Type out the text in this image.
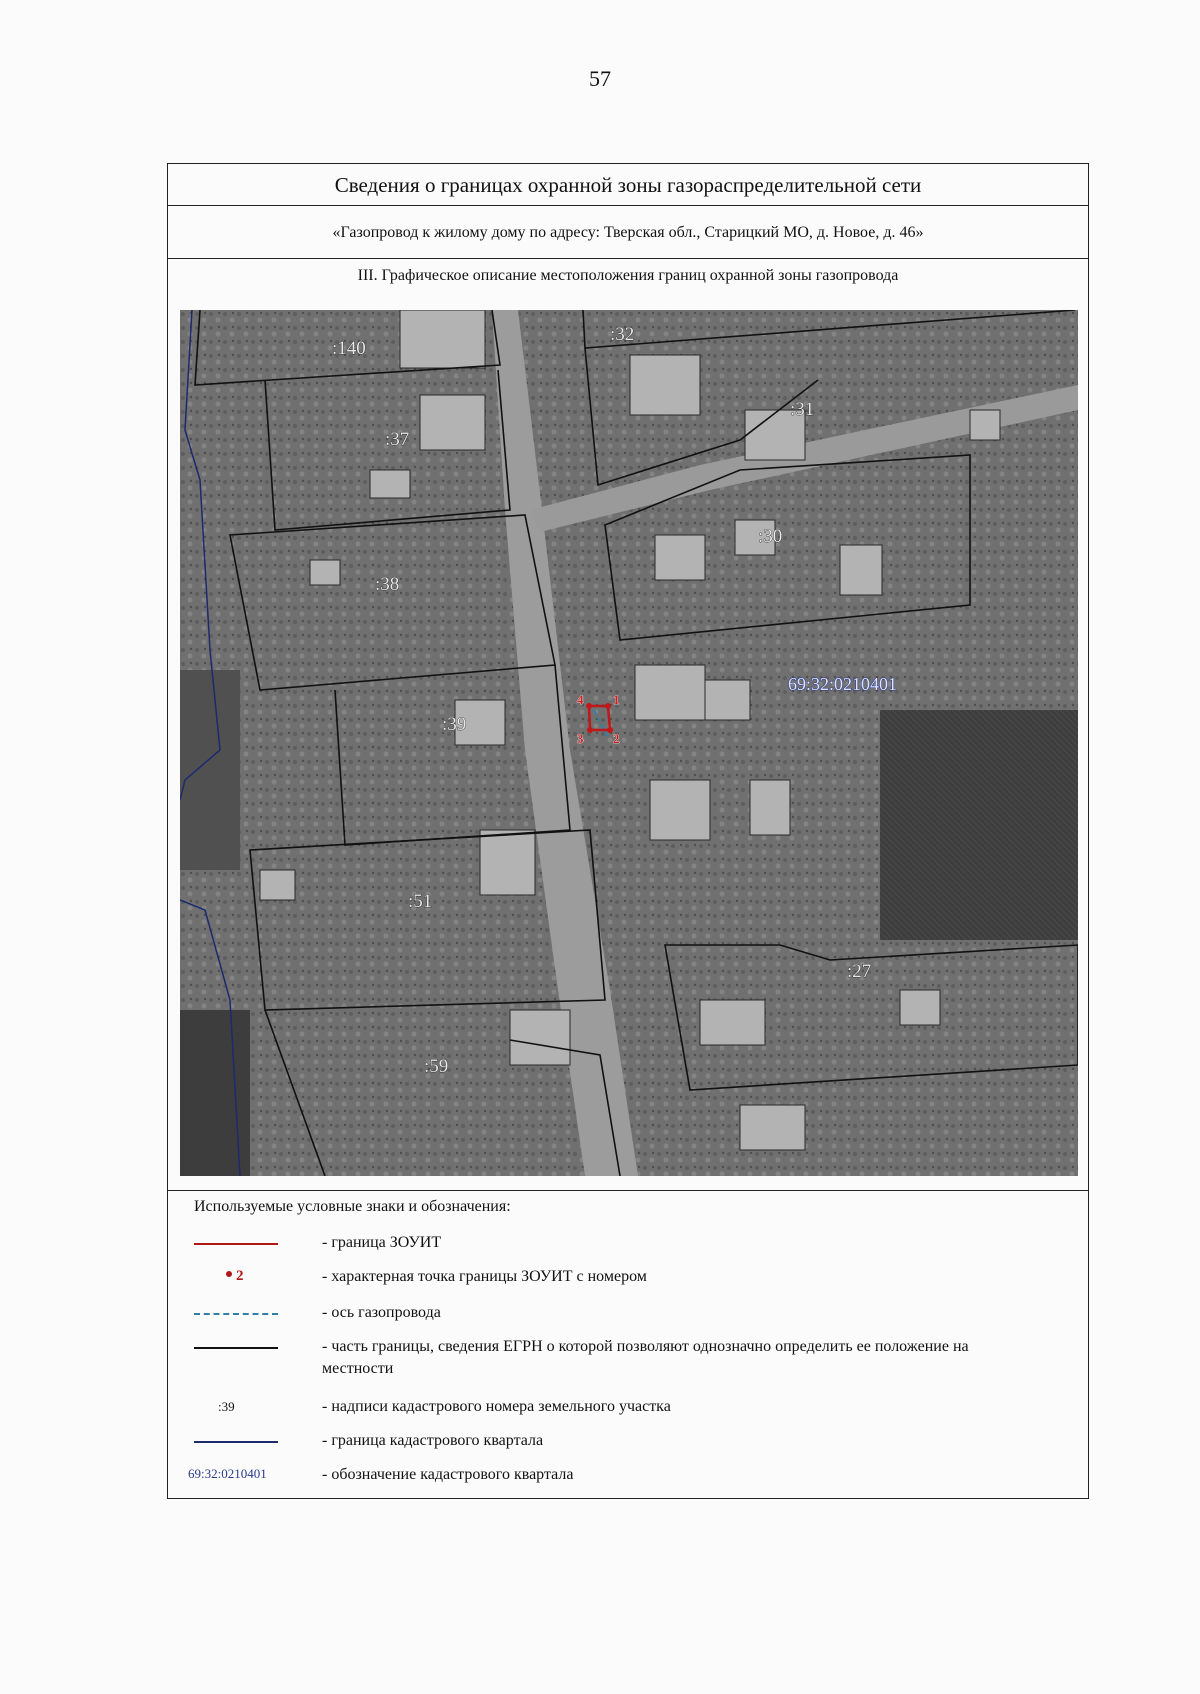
57
Сведения о границах охранной зоны газораспределительной сети
«Газопровод к жилому дому по адресу: Тверская обл., Старицкий МО, д. Новое, д. 46»
III. Графическое описание местоположения границ охранной зоны газопровода
1
2
3
4
:140
:32
:31
:37
:30
:38
:39
:51
:27
:59
69:32:0210401
Используемые условные знаки и обозначения:
- граница ЗОУИТ
2	- характерная точка границы ЗОУИТ с номером
- ось газопровода
- часть границы, сведения ЕГРН о которой позволяют однозначно определить ее положение на местности
:39	- надписи кадастрового номера земельного участка
- граница кадастрового квартала
69:32:0210401	- обозначение кадастрового квартала
